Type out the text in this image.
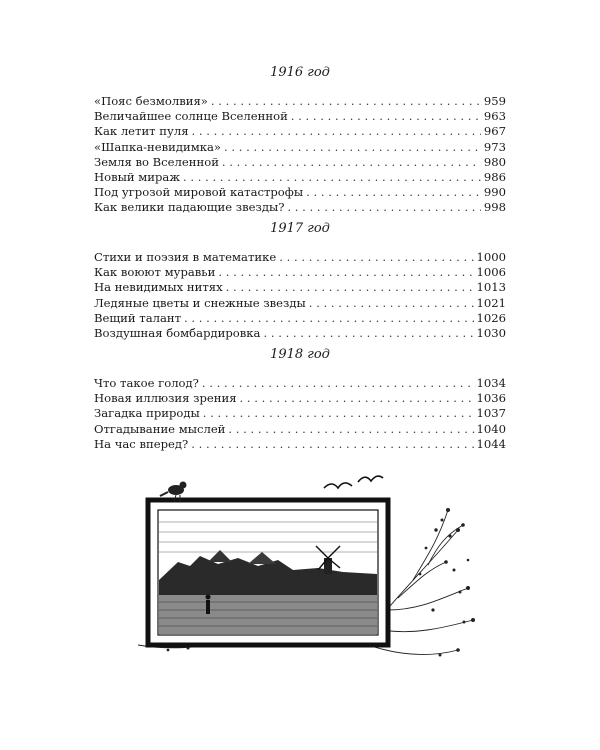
1916 год
«Пояс безмолвия» . . .	959
Величайшее солнце Вселенной . . .	963
Как летит пуля . . .	967
«Шапка-невидимка» . . .	973
Земля во Вселенной . . .	980
Новый мираж . . .	986
Под угрозой мировой катастрофы . . .	990
Как велики падающие звезды? . . .	998
1917 год
Стихи и поэзия в математике . . .	1000
Как воюют муравьи . . .	1006
На невидимых нитях . . .	1013
Ледяные цветы и снежные звезды . . .	1021
Вещий талант . . .	1026
Воздушная бомбардировка . . .	1030
1918 год
Что такое голод? . . .	1034
Новая иллюзия зрения . . .	1036
Загадка природы . . .	1037
Отгадывание мыслей . . .	1040
На час вперед? . . .	1044
